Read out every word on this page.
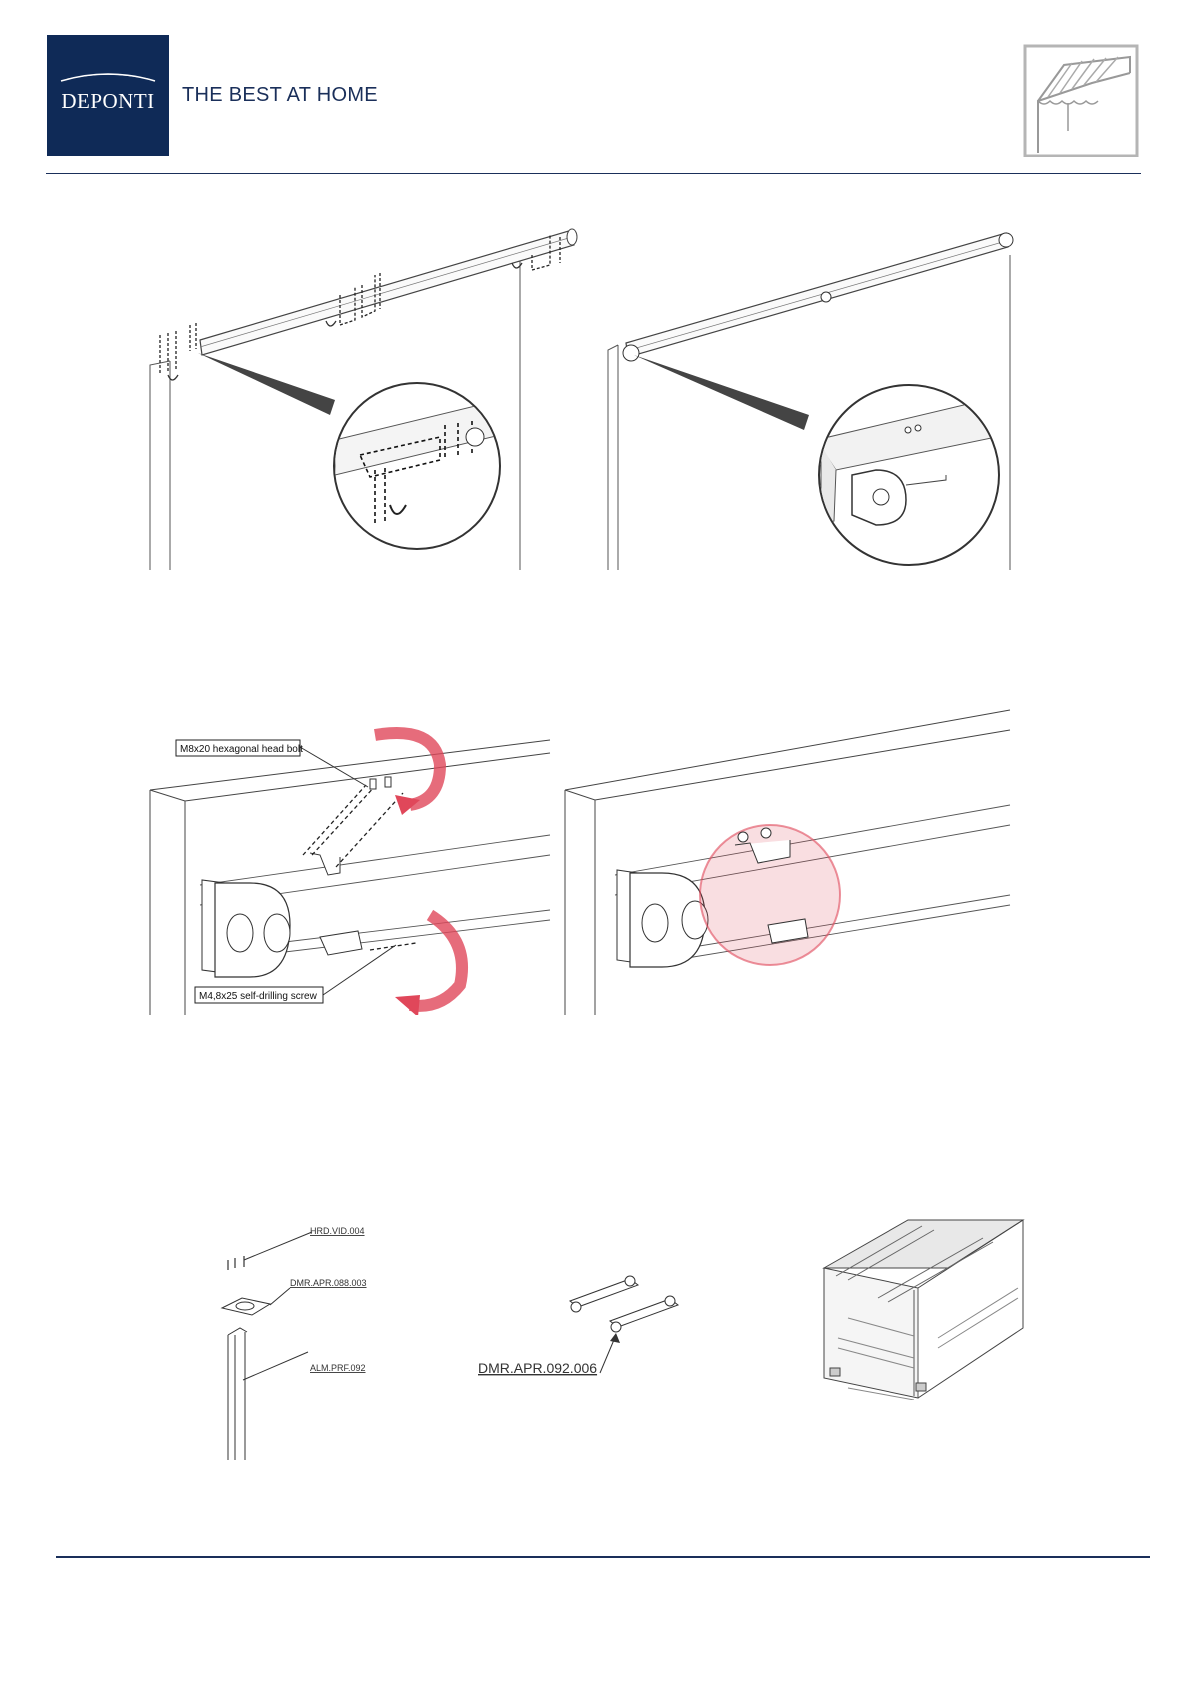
DEPONTI	THE BEST AT HOME
M8x20 hexagonal head bolt
M4,8x25 self-drilling screw
HRD.VID.004
DMR.APR.088.003
ALM.PRF.092	DMR.APR.092.006
